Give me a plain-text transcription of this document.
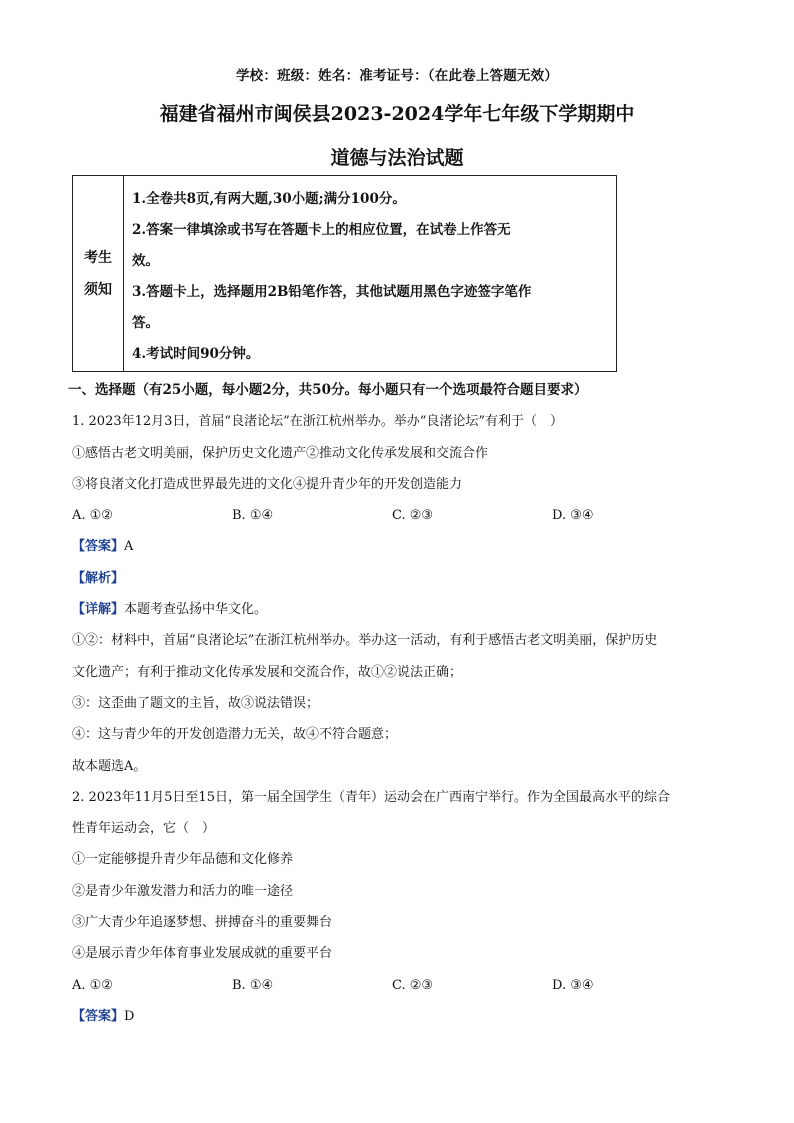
学校：班级：姓名：准考证号：（在此卷上答题无效）
福建省福州市闽侯县2023-2024学年七年级下学期期中
道德与法治试题
考生
须知
1.全卷共8页,有两大题,30小题;满分100分。
2.答案一律填涂或书写在答题卡上的相应位置，在试卷上作答无
效。
3.答题卡上，选择题用2B铅笔作答，其他试题用黑色字迹签字笔作
答。
4.考试时间90分钟。
一、选择题（有25小题，每小题2分，共50分。每小题只有一个选项最符合题目要求）
1. 2023年12月3日，首届“良渚论坛”在浙江杭州举办。举办“良渚论坛”有利于（　）
①感悟古老文明美丽，保护历史文化遗产②推动文化传承发展和交流合作
③将良渚文化打造成世界最先进的文化④提升青少年的开发创造能力
A. ①②	B. ①④	C. ②③	D. ③④
【答案】A
【解析】
【详解】本题考查弘扬中华文化。
①②：材料中，首届“良渚论坛”在浙江杭州举办。举办这一活动，有利于感悟古老文明美丽，保护历史
文化遗产；有利于推动文化传承发展和交流合作，故①②说法正确；
③：这歪曲了题文的主旨，故③说法错误；
④：这与青少年的开发创造潜力无关，故④不符合题意；
故本题选A。
2. 2023年11月5日至15日，第一届全国学生（青年）运动会在广西南宁举行。作为全国最高水平的综合
性青年运动会，它（　）
①一定能够提升青少年品德和文化修养
②是青少年激发潜力和活力的唯一途径
③广大青少年追逐梦想、拼搏奋斗的重要舞台
④是展示青少年体育事业发展成就的重要平台
A. ①②	B. ①④	C. ②③	D. ③④
【答案】D
